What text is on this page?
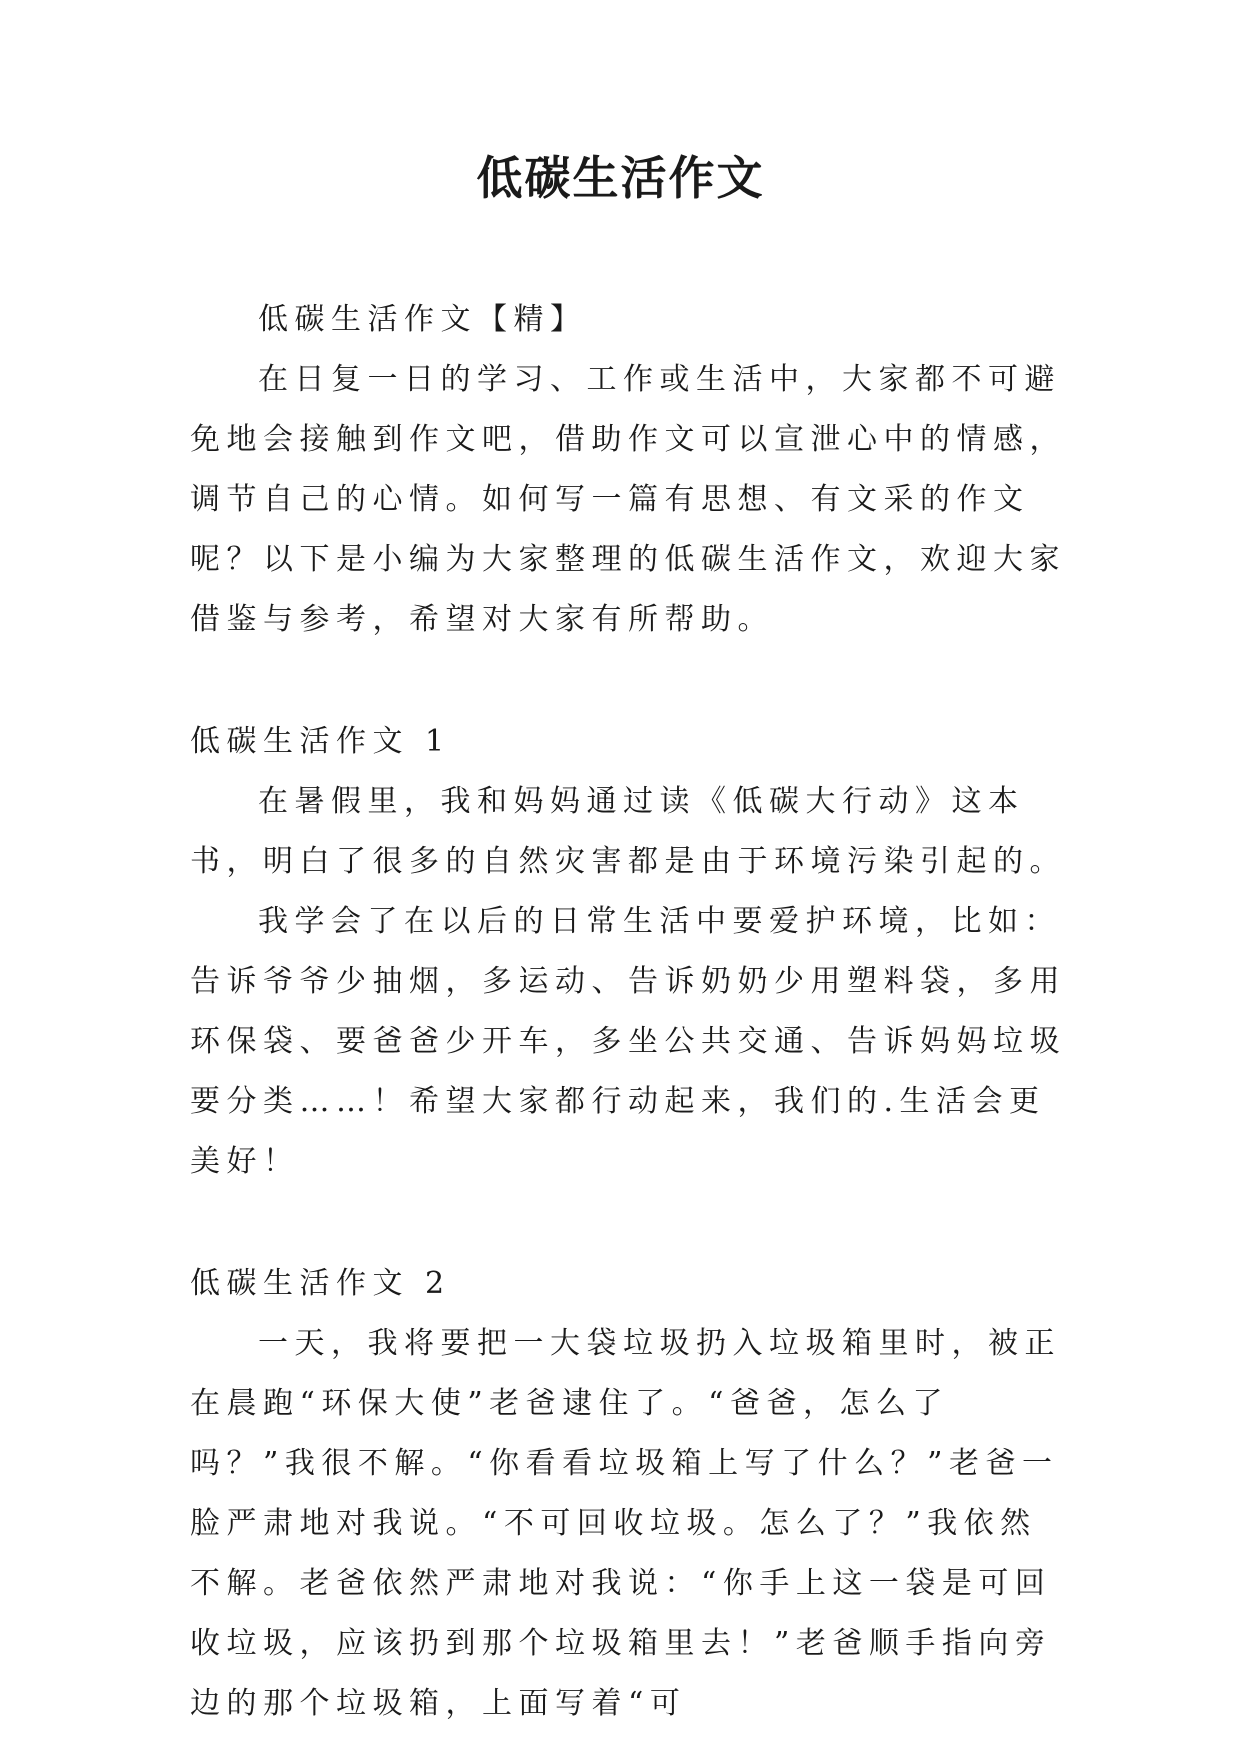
低碳生活作文

低碳生活作文【精】

在日复一日的学习、工作或生活中，大家都不可避免地会接触到作文吧，借助作文可以宣泄心中的情感，调节自己的心情。如何写一篇有思想、有文采的作文呢？以下是小编为大家整理的低碳生活作文，欢迎大家借鉴与参考，希望对大家有所帮助。

低碳生活作文 1

在暑假里，我和妈妈通过读《低碳大行动》这本书，明白了很多的自然灾害都是由于环境污染引起的。

我学会了在以后的日常生活中要爱护环境，比如：告诉爷爷少抽烟，多运动、告诉奶奶少用塑料袋，多用环保袋、要爸爸少开车，多坐公共交通、告诉妈妈垃圾要分类……！希望大家都行动起来，我们的.生活会更美好！

低碳生活作文 2

一天，我将要把一大袋垃圾扔入垃圾箱里时，被正在晨跑“环保大使”老爸逮住了。“爸爸，怎么了吗？”我很不解。“你看看垃圾箱上写了什么？”老爸一脸严肃地对我说。“不可回收垃圾。怎么了？”我依然不解。老爸依然严肃地对我说：“你手上这一袋是可回收垃圾，应该扔到那个垃圾箱里去！”老爸顺手指向旁边的那个垃圾箱，上面写着“可
